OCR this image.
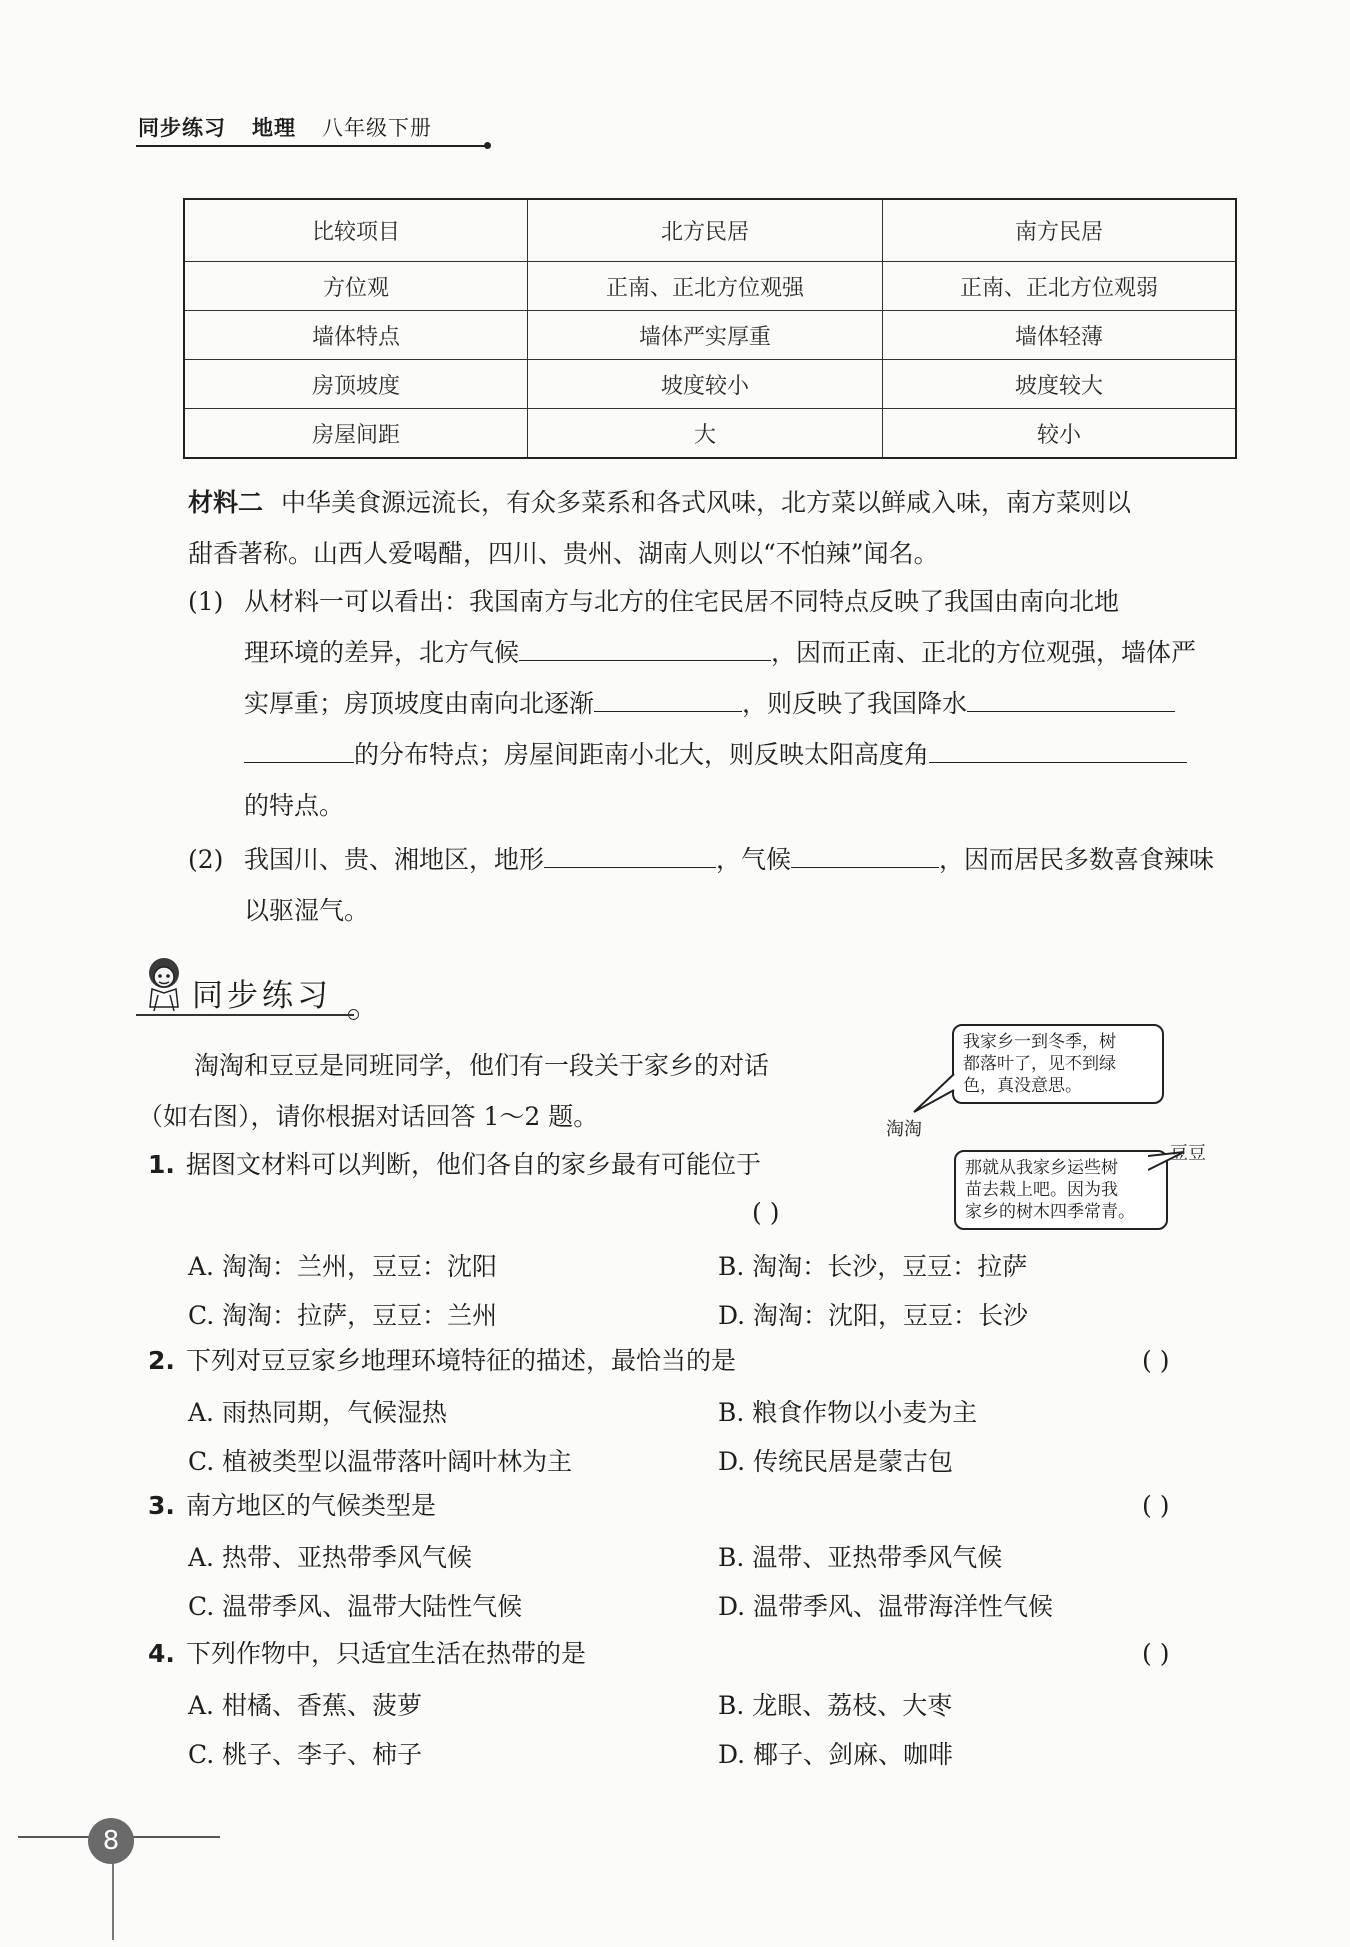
同步练习 地理 八年级下册
比较项目	北方民居	南方民居
方位观	正南、正北方位观强	正南、正北方位观弱
墙体特点	墙体严实厚重	墙体轻薄
房顶坡度	坡度较小	坡度较大
房屋间距	大	较小
材料二 中华美食源远流长，有众多菜系和各式风味，北方菜以鲜咸入味，南方菜则以
甜香著称。山西人爱喝醋，四川、贵州、湖南人则以“不怕辣”闻名。
(1) 从材料一可以看出：我国南方与北方的住宅民居不同特点反映了我国由南向北地
理环境的差异，北方气候	，因而正南、正北的方位观强，墙体严
实厚重；房顶坡度由南向北逐渐	，则反映了我国降水
的分布特点；房屋间距南小北大，则反映太阳高度角
的特点。
(2) 我国川、贵、湘地区，地形	，气候	，因而居民多数喜食辣味
以驱湿气。
同步练习
淘淘和豆豆是同班同学，他们有一段关于家乡的对话
（如右图），请你根据对话回答 1～2 题。
我家乡一到冬季，树
都落叶了，见不到绿
色，真没意思。
淘淘
那就从我家乡运些树
苗去栽上吧。因为我
家乡的树木四季常青。
豆豆
1. 据图文材料可以判断，他们各自的家乡最有可能位于
( )
A. 淘淘：兰州，豆豆：沈阳	B. 淘淘：长沙，豆豆：拉萨
C. 淘淘：拉萨，豆豆：兰州	D. 淘淘：沈阳，豆豆：长沙
2. 下列对豆豆家乡地理环境特征的描述，最恰当的是	( )
A. 雨热同期，气候湿热	B. 粮食作物以小麦为主
C. 植被类型以温带落叶阔叶林为主	D. 传统民居是蒙古包
3. 南方地区的气候类型是	( )
A. 热带、亚热带季风气候	B. 温带、亚热带季风气候
C. 温带季风、温带大陆性气候	D. 温带季风、温带海洋性气候
4. 下列作物中，只适宜生活在热带的是	( )
A. 柑橘、香蕉、菠萝	B. 龙眼、荔枝、大枣
C. 桃子、李子、柿子	D. 椰子、剑麻、咖啡
8
